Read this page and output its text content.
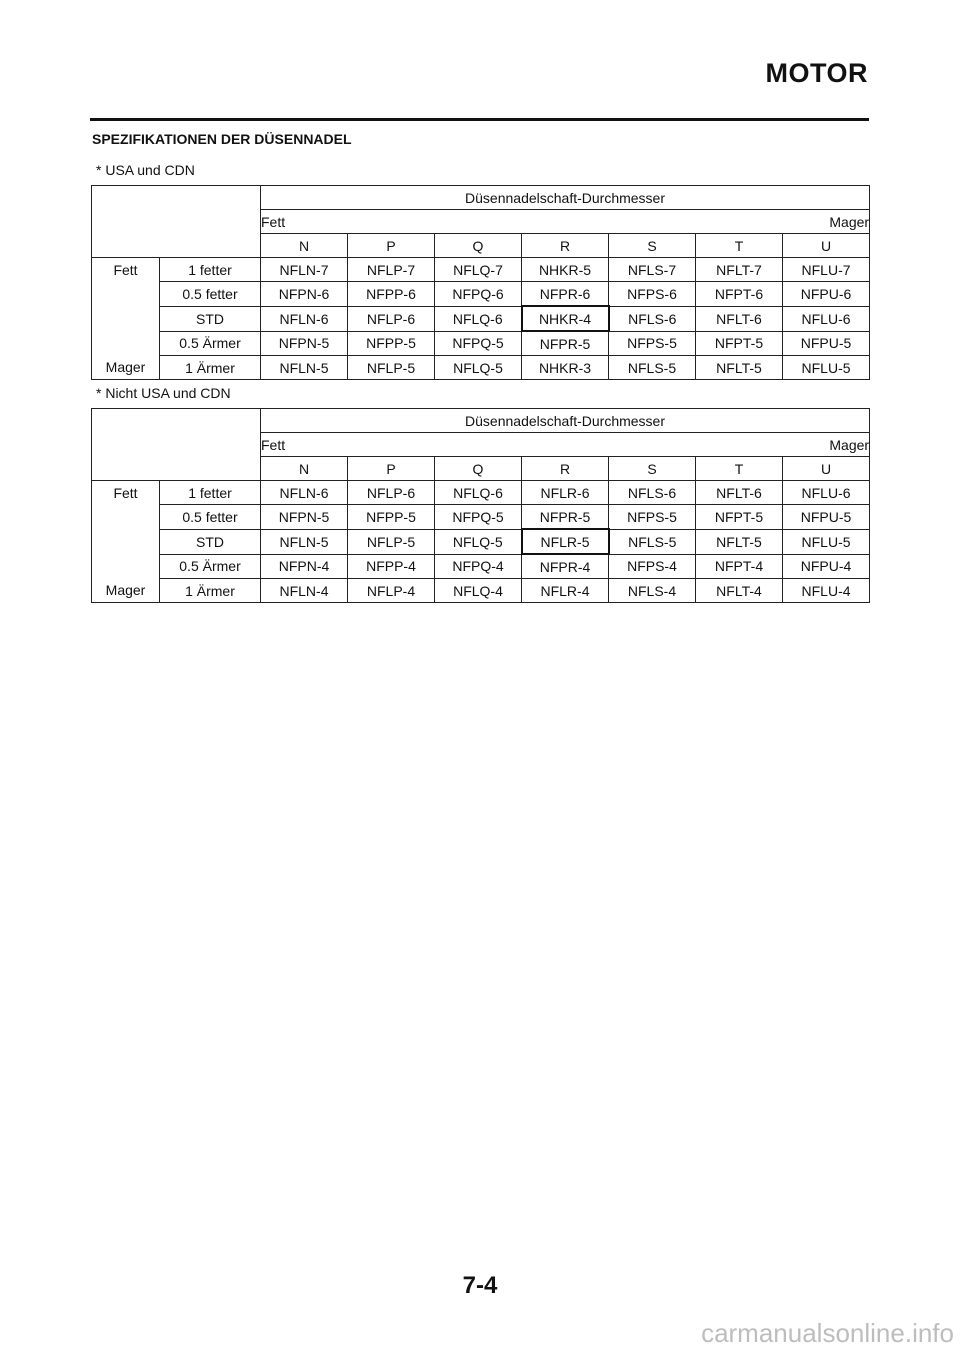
MOTOR
SPEZIFIKATIONEN DER DÜSENNADEL
* USA und CDN
		Düsennadelschaft-Durchmesser						

		Fett Mager						

		N	P	Q	R	S	T	U
Fett	1 fetter	NFLN-7	NFLP-7	NFLQ-7	NHKR-5	NFLS-7	NFLT-7	NFLU-7
	0.5 fetter	NFPN-6	NFPP-6	NFPQ-6	NFPR-6	NFPS-6	NFPT-6	NFPU-6
	STD	NFLN-6	NFLP-6	NFLQ-6	NHKR-4	NFLS-6	NFLT-6	NFLU-6
	0.5 Ärmer	NFPN-5	NFPP-5	NFPQ-5	NFPR-5	NFPS-5	NFPT-5	NFPU-5
Mager	1 Ärmer	NFLN-5	NFLP-5	NFLQ-5	NHKR-3	NFLS-5	NFLT-5	NFLU-5
* Nicht USA und CDN
		Düsennadelschaft-Durchmesser						

		Fett Mager						

		N	P	Q	R	S	T	U
Fett	1 fetter	NFLN-6	NFLP-6	NFLQ-6	NFLR-6	NFLS-6	NFLT-6	NFLU-6
	0.5 fetter	NFPN-5	NFPP-5	NFPQ-5	NFPR-5	NFPS-5	NFPT-5	NFPU-5
	STD	NFLN-5	NFLP-5	NFLQ-5	NFLR-5	NFLS-5	NFLT-5	NFLU-5
	0.5 Ärmer	NFPN-4	NFPP-4	NFPQ-4	NFPR-4	NFPS-4	NFPT-4	NFPU-4
Mager	1 Ärmer	NFLN-4	NFLP-4	NFLQ-4	NFLR-4	NFLS-4	NFLT-4	NFLU-4
7-4
carmanualsonline.info
